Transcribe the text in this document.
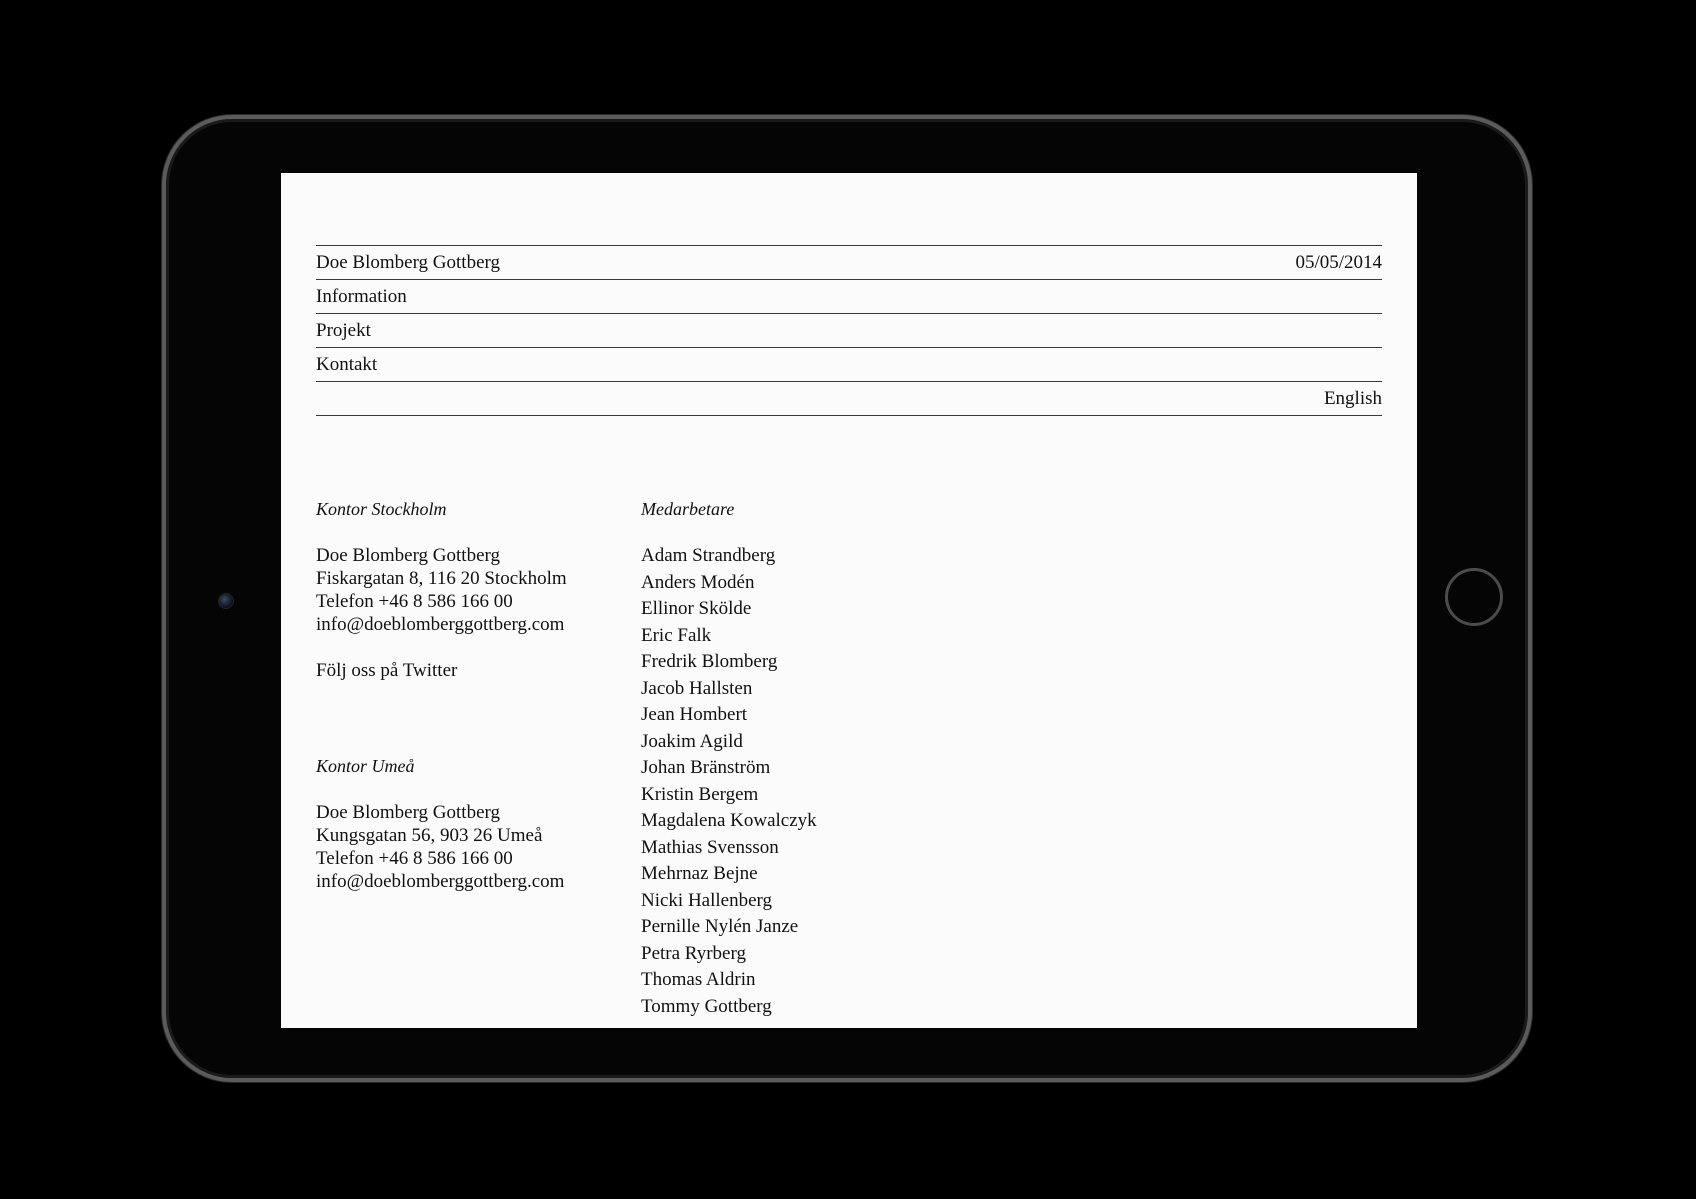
Doe Blomberg Gottberg	05/05/2014
Information
Projekt
Kontakt
English
Kontor Stockholm
Doe Blomberg Gottberg
Fiskargatan 8, 116 20 Stockholm
Telefon +46 8 586 166 00
info@doeblomberggottberg.com
Följ oss på Twitter
Kontor Umeå
Doe Blomberg Gottberg
Kungsgatan 56, 903 26 Umeå
Telefon +46 8 586 166 00
info@doeblomberggottberg.com
Medarbetare
Adam Strandberg
Anders Modén
Ellinor Skölde
Eric Falk
Fredrik Blomberg
Jacob Hallsten
Jean Hombert
Joakim Agild
Johan Bränström
Kristin Bergem
Magdalena Kowalczyk
Mathias Svensson
Mehrnaz Bejne
Nicki Hallenberg
Pernille Nylén Janze
Petra Ryrberg
Thomas Aldrin
Tommy Gottberg
